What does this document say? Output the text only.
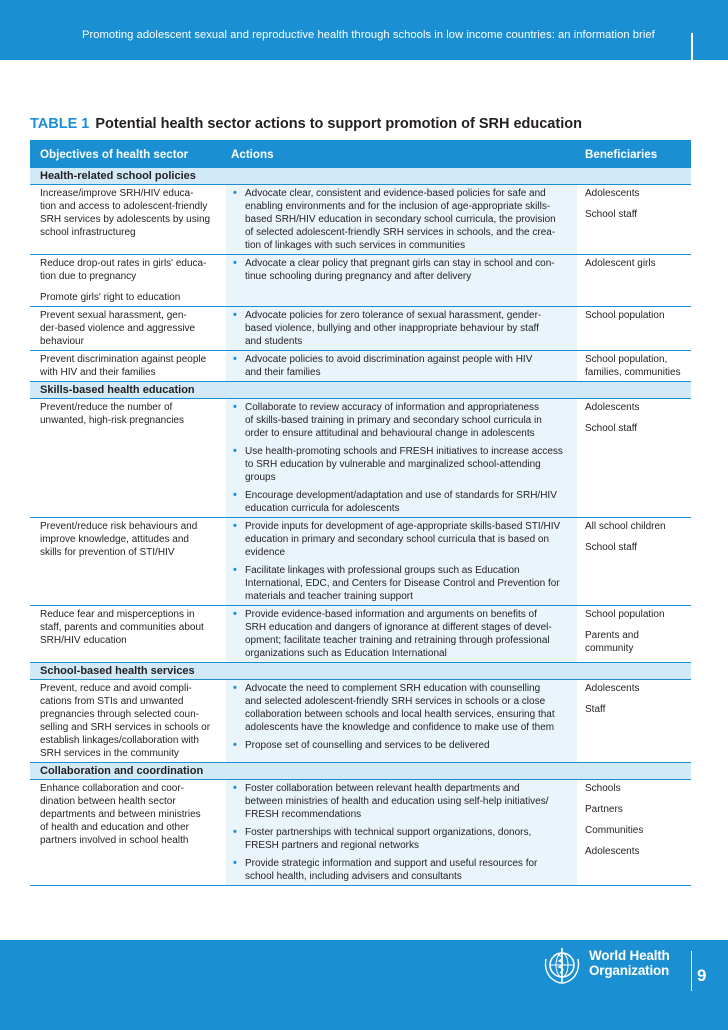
Promoting adolescent sexual and reproductive health through schools in low income countries: an information brief
TABLE 1 Potential health sector actions to support promotion of SRH education
Objectives of health sector	Actions	Beneficiaries
Health-related school policies
Increase/improve SRH/HIV educa-
tion and access to adolescent-friendly
SRH services by adolescents by using
school infrastructureg
• Advocate clear, consistent and evidence-based policies for safe and
enabling environments and for the inclusion of age-appropriate skills-
based SRH/HIV education in secondary school curricula, the provision
of selected adolescent-friendly SRH services in schools, and the crea-
tion of linkages with such services in communities
Adolescents
School staff
Reduce drop-out rates in girls' educa-
tion due to pregnancy
Promote girls' right to education
• Advocate a clear policy that pregnant girls can stay in school and con-
tinue schooling during pregnancy and after delivery
Adolescent girls
Prevent sexual harassment, gen-
der-based violence and aggressive
behaviour
• Advocate policies for zero tolerance of sexual harassment, gender-
based violence, bullying and other inappropriate behaviour by staff
and students
School population
Prevent discrimination against people
with HIV and their families
• Advocate policies to avoid discrimination against people with HIV
and their families
School population,
families, communities
Skills-based health education
Prevent/reduce the number of
unwanted, high-risk pregnancies
• Collaborate to review accuracy of information and appropriateness
of skills-based training in primary and secondary school curricula in
order to ensure attitudinal and behavioural change in adolescents
• Use health-promoting schools and FRESH initiatives to increase access
to SRH education by vulnerable and marginalized school-attending
groups
• Encourage development/adaptation and use of standards for SRH/HIV
education curricula for adolescents
Adolescents
School staff
Prevent/reduce risk behaviours and
improve knowledge, attitudes and
skills for prevention of STI/HIV
• Provide inputs for development of age-appropriate skills-based STI/HIV
education in primary and secondary school curricula that is based on
evidence
• Facilitate linkages with professional groups such as Education
International, EDC, and Centers for Disease Control and Prevention for
materials and teacher training support
All school children
School staff
Reduce fear and misperceptions in
staff, parents and communities about
SRH/HIV education
• Provide evidence-based information and arguments on benefits of
SRH education and dangers of ignorance at different stages of devel-
opment; facilitate teacher training and retraining through professional
organizations such as Education International
School population
Parents and
community
School-based health services
Prevent, reduce and avoid compli-
cations from STIs and unwanted
pregnancies through selected coun-
selling and SRH services in schools or
establish linkages/collaboration with
SRH services in the community
• Advocate the need to complement SRH education with counselling
and selected adolescent-friendly SRH services in schools or a close
collaboration between schools and local health services, ensuring that
adolescents have the knowledge and confidence to make use of them
• Propose set of counselling and services to be delivered
Adolescents
Staff
Collaboration and coordination
Enhance collaboration and coor-
dination between health sector
departments and between ministries
of health and education and other
partners involved in school health
• Foster collaboration between relevant health departments and
between ministries of health and education using self-help initiatives/
FRESH recommendations
• Foster partnerships with technical support organizations, donors,
FRESH partners and regional networks
• Provide strategic information and support and useful resources for
school health, including advisers and consultants
Schools
Partners
Communities
Adolescents
World Health
Organization 9
